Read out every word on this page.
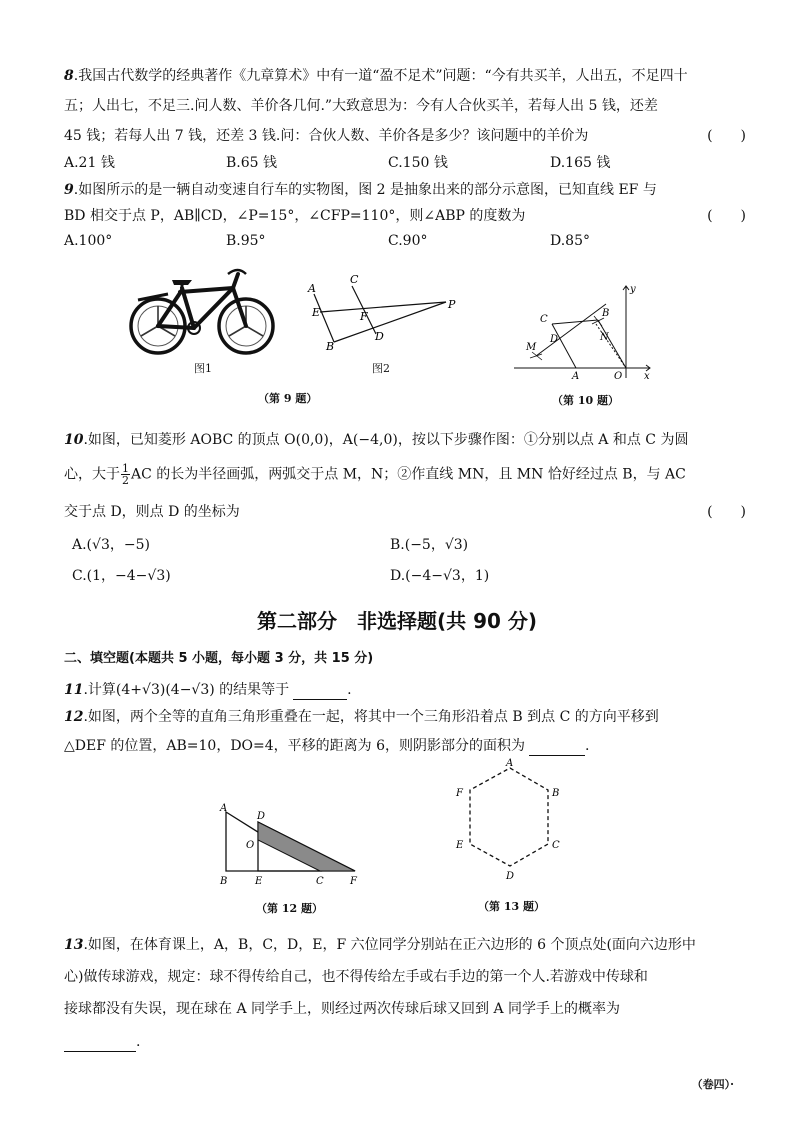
8.我国古代数学的经典著作《九章算术》中有一道“盈不足术”问题：“今有共买羊，人出五，不足四十
五；人出七，不足三.问人数、羊价各几何.”大致意思为：今有人合伙买羊，若每人出 5 钱，还差
45 钱；若每人出 7 钱，还差 3 钱.问：合伙人数、羊价各是多少？该问题中的羊价为	(　　)
A.21 钱	B.65 钱	C.150 钱	D.165 钱
9.如图所示的是一辆自动变速自行车的实物图，图 2 是抽象出来的部分示意图，已知直线 EF 与
BD 相交于点 P，AB∥CD，∠P=15°，∠CFP=110°，则∠ABP 的度数为	(　　)
A.100°	B.95°	C.90°	D.85°
图1
A
E
B
C
F
D
P
图2
（第 9 题）
B
C
N
M
D
A	O
y
x
（第 10 题）
10.如图，已知菱形 AOBC 的顶点 O(0,0)，A(−4,0)，按以下步骤作图：①分别以点 A 和点 C 为圆
心，大于 $\frac{1}{2}$ AC 的长为半径画弧，两弧交于点 M，N；②作直线 MN，且 MN 恰好经过点 B，与 AC
交于点 D，则点 D 的坐标为	(　　)
A.(√3，−5)	B.(−5，√3)
C.(1，−4−√3)	D.(−4−√3，1)
第二部分　非选择题(共 90 分)
二、填空题(本题共 5 小题，每小题 3 分，共 15 分)
11.计算(4+√3)(4−√3) 的结果等于	.
12.如图，两个全等的直角三角形重叠在一起，将其中一个三角形沿着点 B 到点 C 的方向平移到
△DEF 的位置，AB=10，DO=4，平移的距离为 6，则阴影部分的面积为	.
A
D
O
B	E	C	F
（第 12 题）
A
B
C
D
E
F
（第 13 题）
13.如图，在体育课上，A，B，C，D，E，F 六位同学分别站在正六边形的 6 个顶点处(面向六边形中
心)做传球游戏，规定：球不得传给自己，也不得传给左手或右手边的第一个人.若游戏中传球和
接球都没有失误，现在球在 A 同学手上，则经过两次传球后球又回到 A 同学手上的概率为
.
（卷四）·
